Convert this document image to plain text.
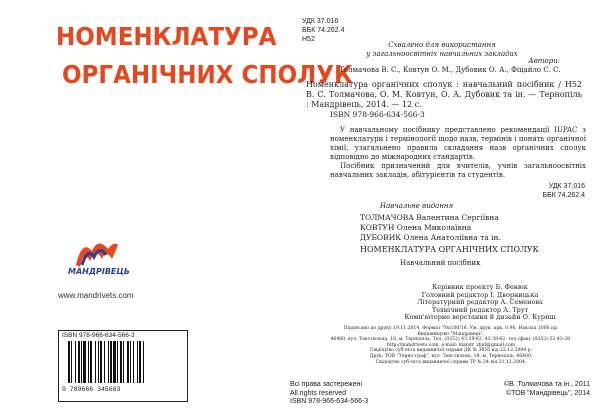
НОМЕНКЛАТУРА
ОРГАНІЧНИХ СПОЛУК
МАНДРІВЕЦЬ
www.mandrivets.com
ISBN 978-966-634-566-3
9 789666 345663
Всі права застережені
All rights reserved
ISBN 978-966-634-566-3
УДК 37.016
ББК 74.262.4
Н52
Схвалено для використання
у загальноосвітніх навчальних закладах
Автори:
Толмачова В. С., Ковтун О. М., Дубовик О. А., Фіцайло С. С.
Номенклатура органічних сполук : навчальний посібник / Н52 В. С. Толмачова, О. М. Ковтун, О. А. Дубовик та ін. — Тернопіль : Мандрівець, 2014. — 12 с.
ISBN 978-966-634-566-3
У навчальному посібнику представлено рекомендації IUPAC з номенклатури і термінології щодо назв, термінів і понять органічної хімії, узагальнено правила складання назв органічних сполук відповідно до міжнародних стандартів.
Посібник призначений для вчителів, учнів загальноосвітніх навчальних закладів, абітурієнтів та студентів.
УДК 37.016
ББК 74.262.4
Навчальне видання
ТОЛМАЧОВА Валентина Сергіївна
КОВТУН Олена Миколаївна
ДУБОВИК Олена Анатоліївна та ін.
НОМЕНКЛАТУРА ОРГАНІЧНИХ СПОЛУК
Навчальний посібник
Керівник проекту Б. Фенюк
Головний редактор І. Дворницька
Літературний редактор А. Семенова
Технічний редактор А. Трут
Комп'ютерне верстання й дизайн О. Куриш
Підписано до друку 19.11.2014. Формат 70x100/16. Ум. друк. арк. 0,96. Наклад 1000 пр.
Видавництво "Мандрівець",
46400, вул. Текстильна, 18, м. Тернопіль. Тел. (0352) 43-39-62, 43-39-62, тел./факс (0352) 52-43-28.
http://mandrivets.com, e-mail: mandr_zbut@gmail.com
Свідоцтво суб'єкта видавничої справи ДК № 3650 від 22.12.2009 р.
Друк: ТОВ "Терно-граф", вул. Текстильна, 18, м. Тернопіль, 46400.
Свідоцтво суб'єкта видавничої справи ТР № 24 від 21.12.2004.
©В. Толмачова та ін., 2011
©ТОВ "Мандрівець", 2014
